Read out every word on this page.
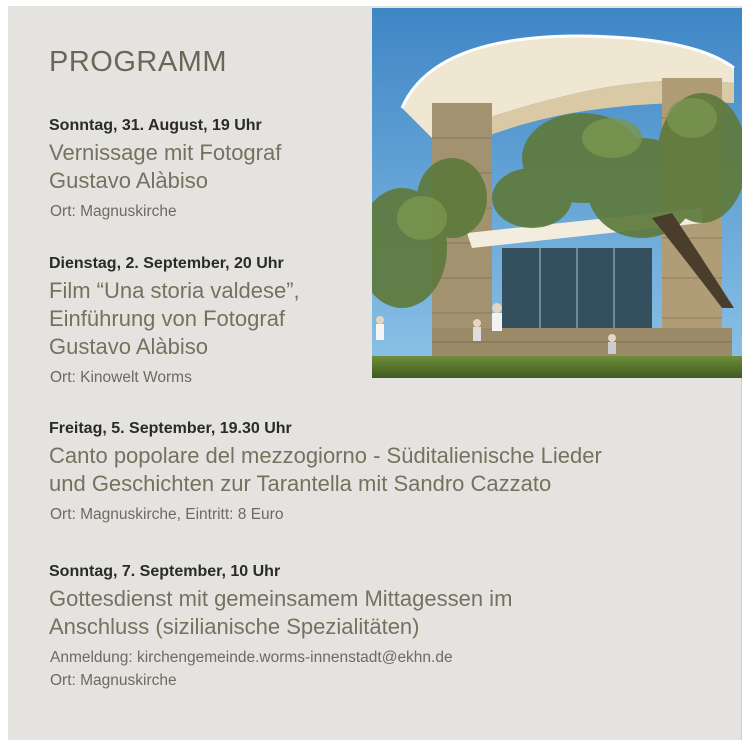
PROGRAMM

Sonntag, 31. August, 19 Uhr

Vernissage mit Fotograf
Gustavo Alàbiso

Ort: Magnuskirche

Dienstag, 2. September, 20 Uhr

Film “Una storia valdese”,
Einführung von Fotograf
Gustavo Alàbiso

Ort: Kinowelt Worms

Freitag, 5. September, 19.30 Uhr

Canto popolare del mezzogiorno - Süditalienische Lieder
und Geschichten zur Tarantella mit Sandro Cazzato

Ort: Magnuskirche, Eintritt: 8 Euro

Sonntag, 7. September, 10 Uhr

Gottesdienst mit gemeinsamem Mittagessen im
Anschluss (sizilianische Spezialitäten)

Anmeldung: kirchengemeinde.worms-innenstadt@ekhn.de
Ort: Magnuskirche
